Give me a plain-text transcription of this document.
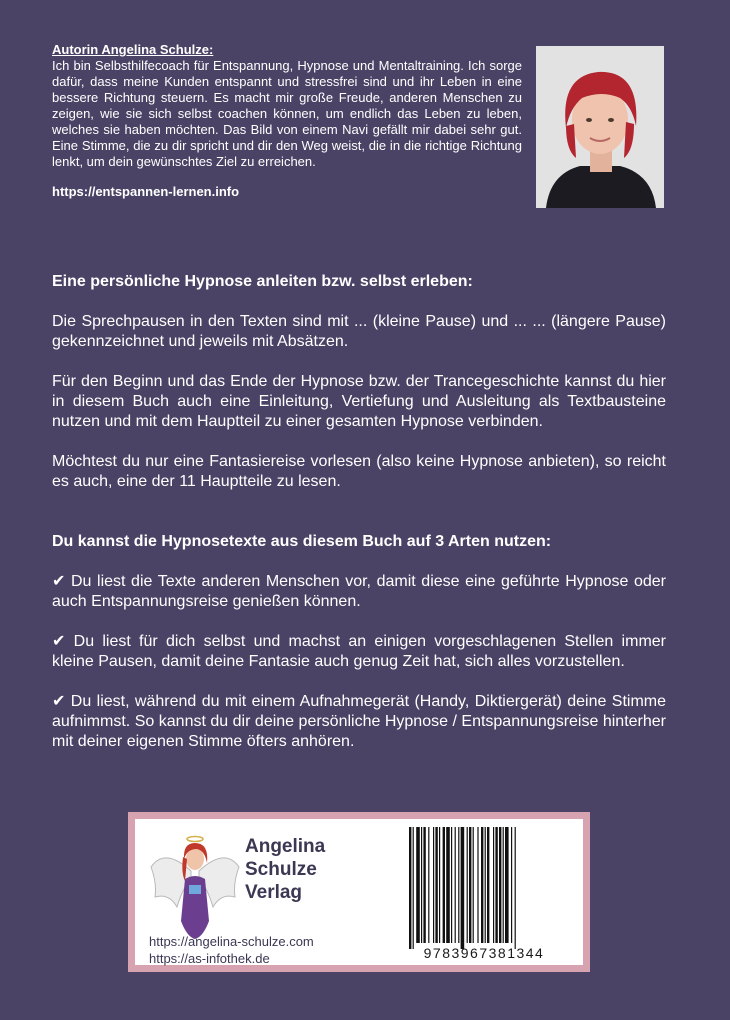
Autorin Angelina Schulze:

Ich bin Selbsthilfecoach für Entspannung, Hypnose und Mentaltraining. Ich sorge dafür, dass meine Kunden entspannt und stressfrei sind und ihr Leben in eine bessere Richtung steuern. Es macht mir große Freude, anderen Menschen zu zeigen, wie sie sich selbst coachen können, um endlich das Leben zu leben, welches sie haben möchten. Das Bild von einem Navi gefällt mir dabei sehr gut. Eine Stimme, die zu dir spricht und dir den Weg weist, die in die richtige Richtung lenkt, um dein gewünschtes Ziel zu erreichen.

https://entspannen-lernen.info

Eine persönliche Hypnose anleiten bzw. selbst erleben:

Die Sprechpausen in den Texten sind mit ... (kleine Pause) und ... ... (längere Pause) gekennzeichnet und jeweils mit Absätzen.

Für den Beginn und das Ende der Hypnose bzw. der Trancegeschichte kannst du hier in diesem Buch auch eine Einleitung, Vertiefung und Ausleitung als Textbausteine nutzen und mit dem Hauptteil zu einer gesamten Hypnose verbinden.

Möchtest du nur eine Fantasiereise vorlesen (also keine Hypnose anbieten), so reicht es auch, eine der 11 Hauptteile zu lesen.

Du kannst die Hypnosetexte aus diesem Buch auf 3 Arten nutzen:

✔ Du liest die Texte anderen Menschen vor, damit diese eine geführte Hypnose oder auch Entspannungsreise genießen können.

✔ Du liest für dich selbst und machst an einigen vorgeschlagenen Stellen immer kleine Pausen, damit deine Fantasie auch genug Zeit hat, sich alles vorzustellen.

✔ Du liest, während du mit einem Aufnahmegerät (Handy, Diktiergerät) deine Stimme aufnimmst. So kannst du dir deine persönliche Hypnose / Entspannungsreise hinterher mit deiner eigenen Stimme öfters anhören.

Angelina
Schulze
Verlag
https://angelina-schulze.com
https://as-infothek.de	9783967381344
